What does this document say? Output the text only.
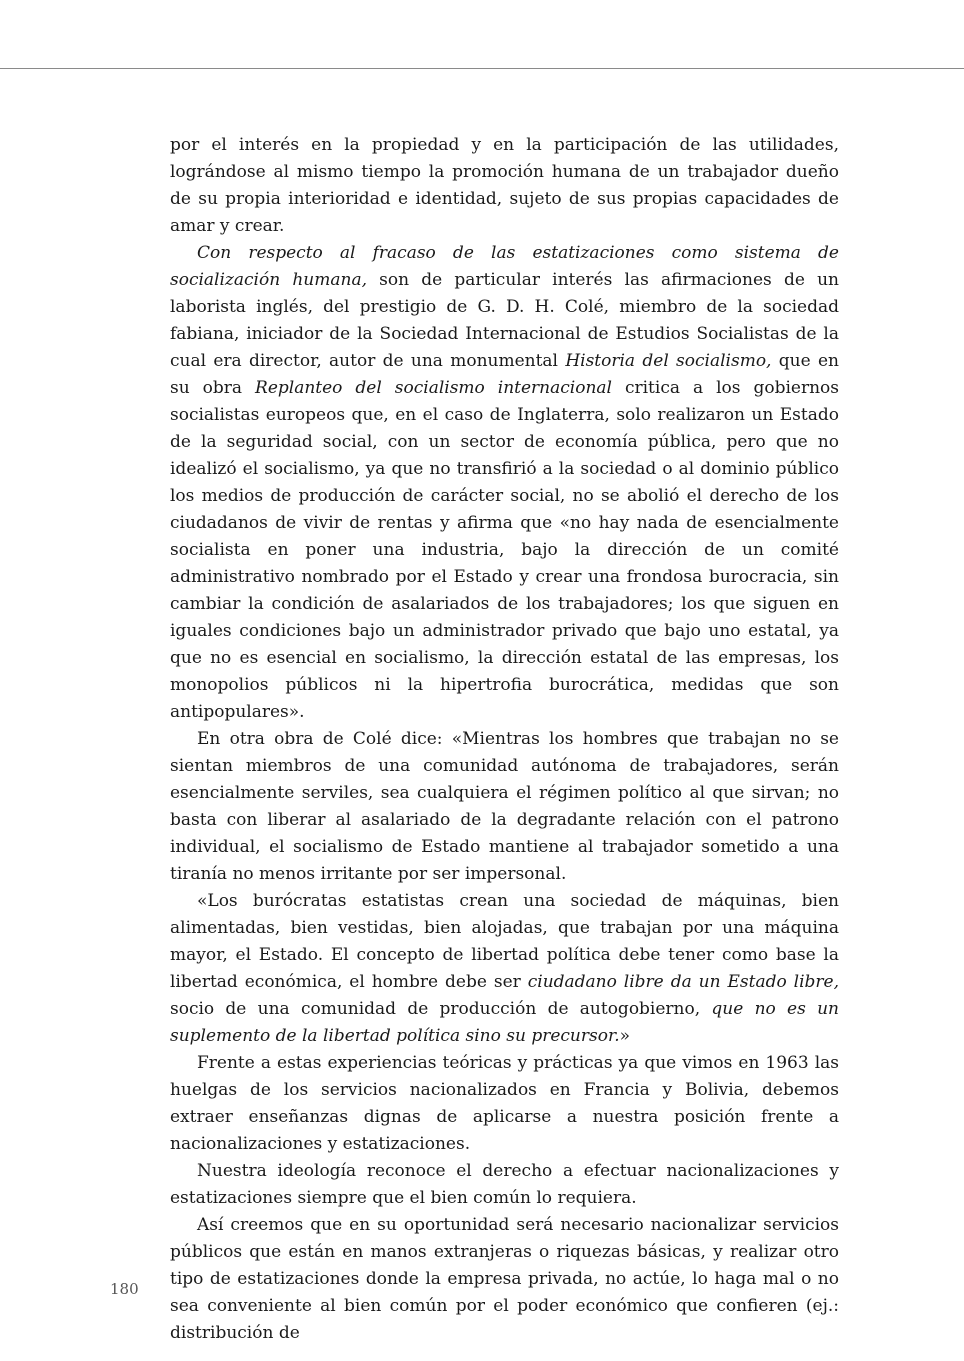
por el interés en la propiedad y en la participación de las utilidades, lográndose al mismo tiempo la promoción humana de un trabajador dueño de su propia interioridad e identidad, sujeto de sus propias capacidades de amar y crear.

Con respecto al fracaso de las estatizaciones como sistema de socialización humana, son de particular interés las afirmaciones de un laborista inglés, del prestigio de G. D. H. Colé, miembro de la sociedad fabiana, iniciador de la Sociedad Internacional de Estudios Socialistas de la cual era director, autor de una monumental Historia del socialismo, que en su obra Replanteo del socialismo internacional critica a los gobiernos socialistas europeos que, en el caso de Inglaterra, solo realizaron un Estado de la seguridad social, con un sector de economía pública, pero que no idealizó el socialismo, ya que no transfirió a la sociedad o al dominio público los medios de producción de carácter social, no se abolió el derecho de los ciudadanos de vivir de rentas y afirma que «no hay nada de esencialmente socialista en poner una industria, bajo la dirección de un comité administrativo nombrado por el Estado y crear una frondosa burocracia, sin cambiar la condición de asalariados de los trabajadores; los que siguen en iguales condiciones bajo un administrador privado que bajo uno estatal, ya que no es esencial en socialismo, la dirección estatal de las empresas, los monopolios públicos ni la hipertrofia burocrática, medidas que son antipopulares».

En otra obra de Colé dice: «Mientras los hombres que trabajan no se sientan miembros de una comunidad autónoma de trabajadores, serán esencialmente serviles, sea cualquiera el régimen político al que sirvan; no basta con liberar al asalariado de la degradante relación con el patrono individual, el socialismo de Estado mantiene al trabajador sometido a una tiranía no menos irritante por ser impersonal.

«Los burócratas estatistas crean una sociedad de máquinas, bien alimentadas, bien vestidas, bien alojadas, que trabajan por una máquina mayor, el Estado. El concepto de libertad política debe tener como base la libertad económica, el hombre debe ser ciudadano libre da un Estado libre, socio de una comunidad de producción de autogobierno, que no es un suplemento de la libertad política sino su precursor.»

Frente a estas experiencias teóricas y prácticas ya que vimos en 1963 las huelgas de los servicios nacionalizados en Francia y Bolivia, debemos extraer enseñanzas dignas de aplicarse a nuestra posición frente a nacionalizaciones y estatizaciones.

Nuestra ideología reconoce el derecho a efectuar nacionalizaciones y estatizaciones siempre que el bien común lo requiera.

Así creemos que en su oportunidad será necesario nacionalizar servicios públicos que están en manos extranjeras o riquezas básicas, y realizar otro tipo de estatizaciones donde la empresa privada, no actúe, lo haga mal o no sea conveniente al bien común por el poder económico que confieren (ej.: distribución de

180
